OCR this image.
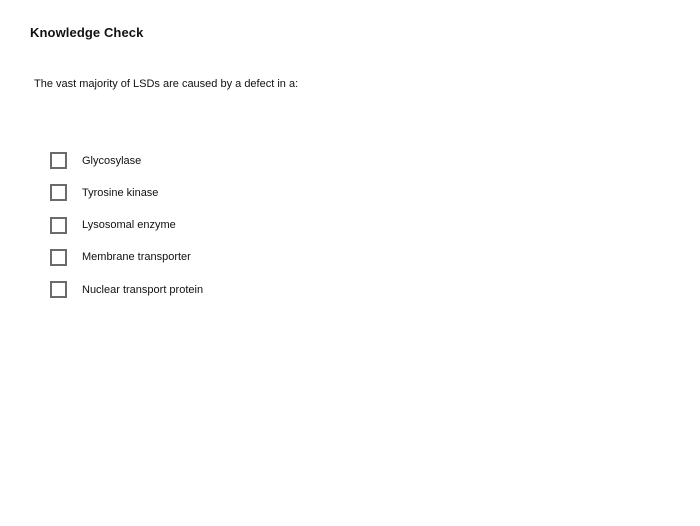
Knowledge Check
The vast majority of LSDs are caused by a defect in a:
Glycosylase
Tyrosine kinase
Lysosomal enzyme
Membrane transporter
Nuclear transport protein
